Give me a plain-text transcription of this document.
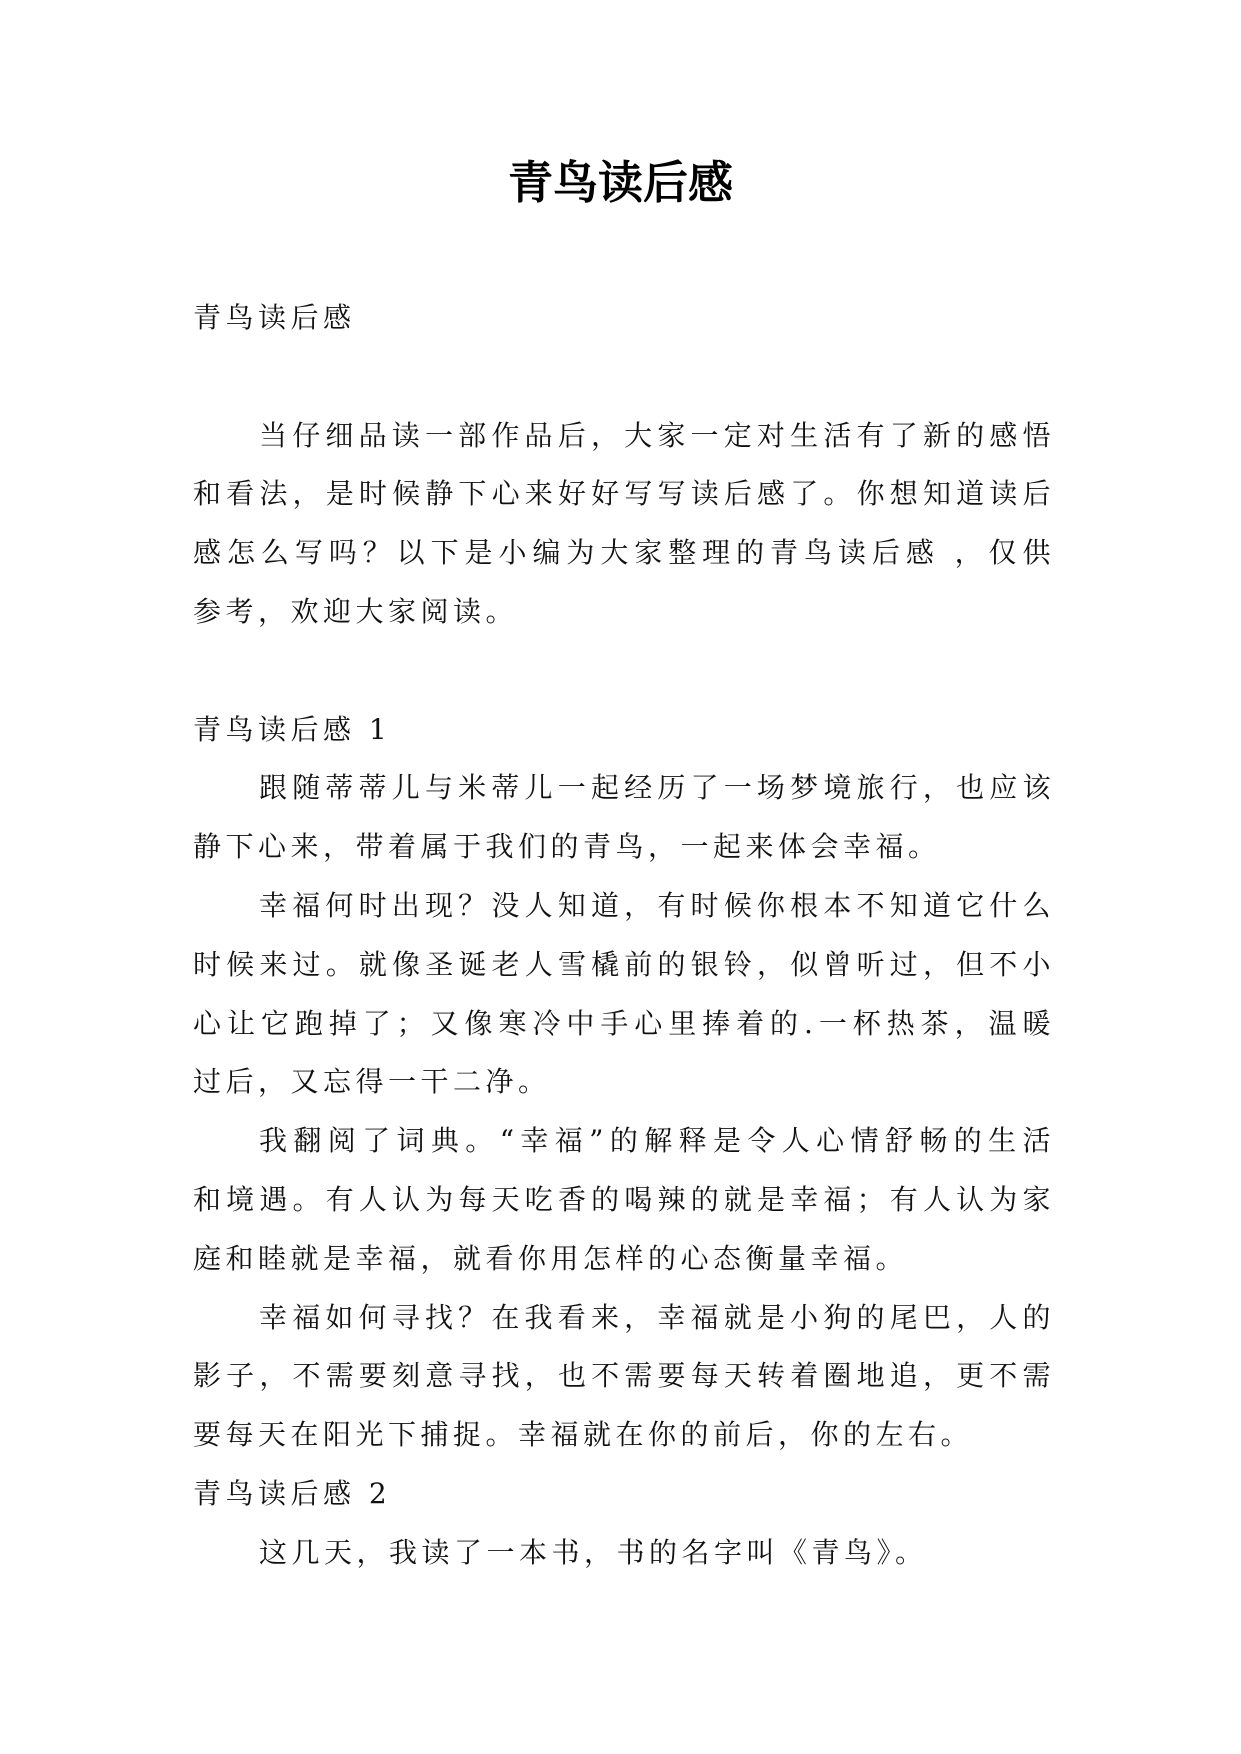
青鸟读后感
青鸟读后感
当仔细品读一部作品后，大家一定对生活有了新的感悟
和看法，是时候静下心来好好写写读后感了。你想知道读后
感怎么写吗？以下是小编为大家整理的青鸟读后感 ，仅供
参考，欢迎大家阅读。
青鸟读后感 1
跟随蒂蒂儿与米蒂儿一起经历了一场梦境旅行，也应该
静下心来，带着属于我们的青鸟，一起来体会幸福。
幸福何时出现？没人知道，有时候你根本不知道它什么
时候来过。就像圣诞老人雪橇前的银铃，似曾听过，但不小
心让它跑掉了；又像寒冷中手心里捧着的.一杯热茶，温暖
过后，又忘得一干二净。
我翻阅了词典。“幸福”的解释是令人心情舒畅的生活
和境遇。有人认为每天吃香的喝辣的就是幸福；有人认为家
庭和睦就是幸福，就看你用怎样的心态衡量幸福。
幸福如何寻找？在我看来，幸福就是小狗的尾巴，人的
影子，不需要刻意寻找，也不需要每天转着圈地追，更不需
要每天在阳光下捕捉。幸福就在你的前后，你的左右。
青鸟读后感 2
这几天，我读了一本书，书的名字叫《青鸟》。
